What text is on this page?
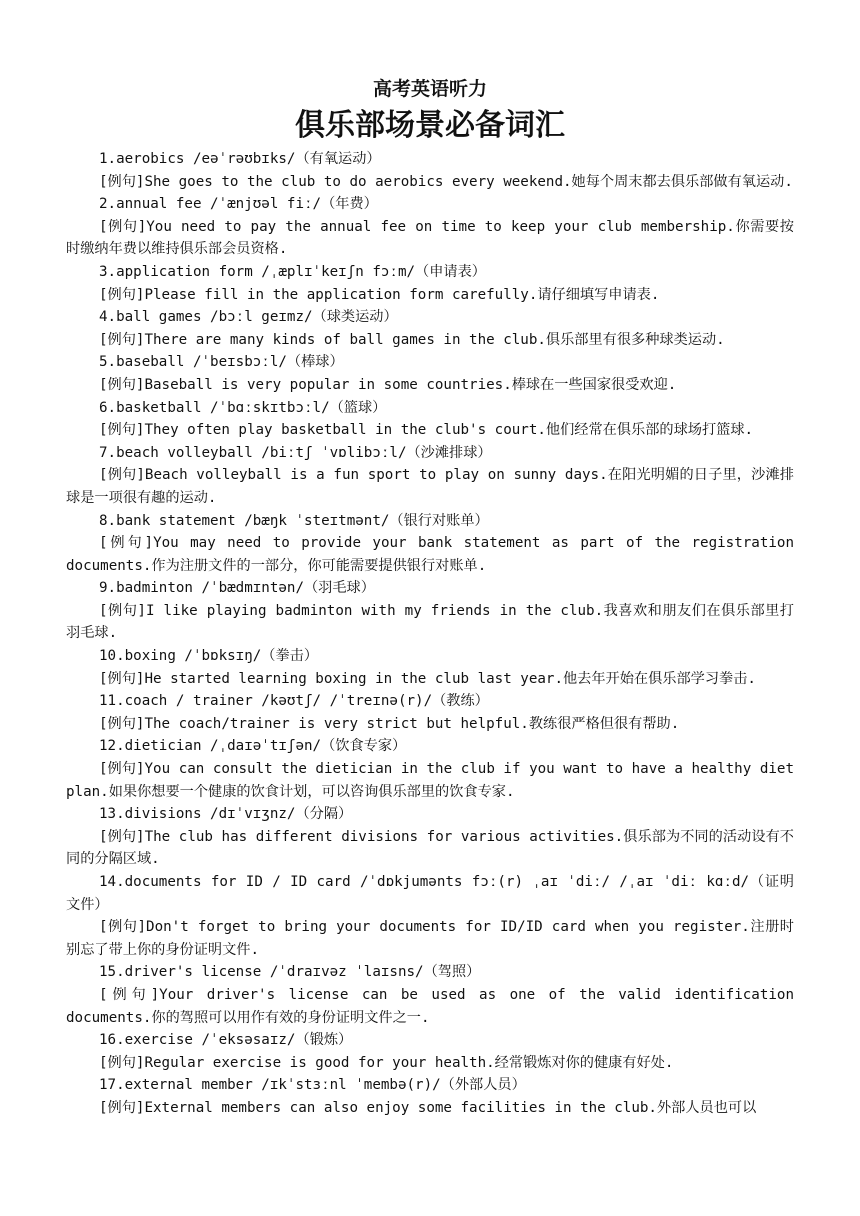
高考英语听力

俱乐部场景必备词汇

1.aerobics /eəˈrəʊbɪks/（有氧运动）

[例句]She goes to the club to do aerobics every weekend.她每个周末都去俱乐部做有氧运动.

2.annual fee /ˈænjʊəl fiː/（年费）

[例句]You need to pay the annual fee on time to keep your club membership.你需要按时缴纳年费以维持俱乐部会员资格.

3.application form /ˌæplɪˈkeɪʃn fɔːm/（申请表）

[例句]Please fill in the application form carefully.请仔细填写申请表.

4.ball games /bɔːl geɪmz/（球类运动）

[例句]There are many kinds of ball games in the club.俱乐部里有很多种球类运动.

5.baseball /ˈbeɪsbɔːl/（棒球）

[例句]Baseball is very popular in some countries.棒球在一些国家很受欢迎.

6.basketball /ˈbɑːskɪtbɔːl/（篮球）

[例句]They often play basketball in the club's court.他们经常在俱乐部的球场打篮球.

7.beach volleyball /biːtʃ ˈvɒlibɔːl/（沙滩排球）

[例句]Beach volleyball is a fun sport to play on sunny days.在阳光明媚的日子里，沙滩排球是一项很有趣的运动.

8.bank statement /bæŋk ˈsteɪtmənt/（银行对账单）

[例句]You may need to provide your bank statement as part of the registration documents.作为注册文件的一部分，你可能需要提供银行对账单.

9.badminton /ˈbædmɪntən/（羽毛球）

[例句]I like playing badminton with my friends in the club.我喜欢和朋友们在俱乐部里打羽毛球.

10.boxing /ˈbɒksɪŋ/（拳击）

[例句]He started learning boxing in the club last year.他去年开始在俱乐部学习拳击.

11.coach / trainer /kəʊtʃ/ /ˈtreɪnə(r)/（教练）

[例句]The coach/trainer is very strict but helpful.教练很严格但很有帮助.

12.dietician /ˌdaɪəˈtɪʃən/（饮食专家）

[例句]You can consult the dietician in the club if you want to have a healthy diet plan.如果你想要一个健康的饮食计划，可以咨询俱乐部里的饮食专家.

13.divisions /dɪˈvɪʒnz/（分隔）

[例句]The club has different divisions for various activities.俱乐部为不同的活动设有不同的分隔区域.

14.documents for ID / ID card /ˈdɒkjumənts fɔː(r) ˌaɪ ˈdiː/ /ˌaɪ ˈdiː kɑːd/（证明文件）

[例句]Don't forget to bring your documents for ID/ID card when you register.注册时别忘了带上你的身份证明文件.

15.driver's license /ˈdraɪvəz ˈlaɪsns/（驾照）

[例句]Your driver's license can be used as one of the valid identification documents.你的驾照可以用作有效的身份证明文件之一.

16.exercise /ˈeksəsaɪz/（锻炼）

[例句]Regular exercise is good for your health.经常锻炼对你的健康有好处.

17.external member /ɪkˈstɜːnl ˈmembə(r)/（外部人员）

[例句]External members can also enjoy some facilities in the club.外部人员也可以
